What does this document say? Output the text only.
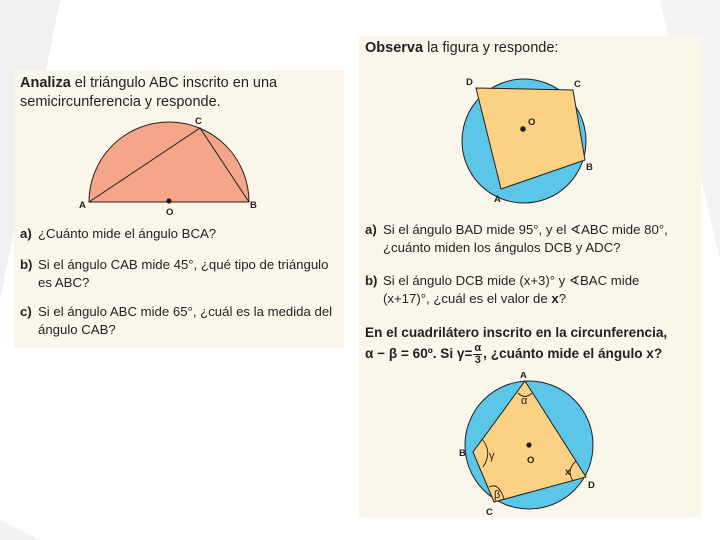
Analiza el triángulo ABC inscrito en una
semicircunferencia y responde.

A	B
C
O
a) ¿Cuánto mide el ángulo BCA?
b) Si el ángulo CAB mide 45°, ¿qué tipo de triángulo
es ABC?
c) Si el ángulo ABC mide 65°, ¿cuál es la medida del
ángulo CAB?

Observa la figura y responde:

O
D	C
B
A
a) Si el ángulo BAD mide 95°, y el ∢ABC mide 80°,
¿cuánto miden los ángulos DCB y ADC?
b) Si el ángulo DCB mide (x+3)° y ∢BAC mide
(x+17)°, ¿cuál es el valor de x?
En el cuadrilátero inscrito en la circunferencia,
α − β = 60º. Si $\gamma= \frac{\alpha}{3}$ , ¿cuánto mide el ángulo x?
A
B
C
D
O
α
γ
β
x
